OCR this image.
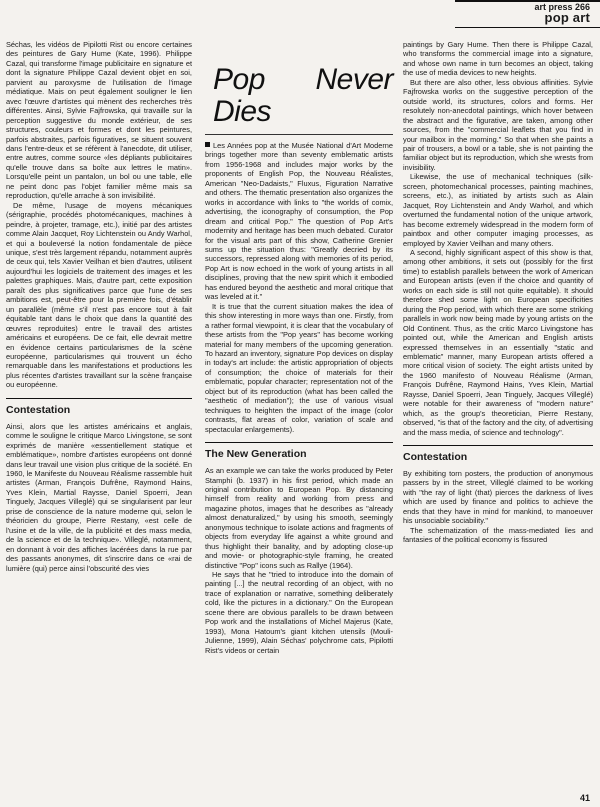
art press 266
pop art

Séchas, les vidéos de Pipilotti Rist ou encore certaines des peintures de Gary Hume (Kate, 1996). Philippe Cazal, qui transforme l'image publicitaire en signature et dont la signature Philippe Cazal devient objet en soi, parvient au paroxysme de l'utilisation de l'image médiatique. Mais on peut également souligner le lien avec l'œuvre d'artistes qui mènent des recherches très différentes. Ainsi, Sylvie Fajfrowska, qui travaille sur la perception suggestive du monde extérieur, de ses structures, couleurs et formes et dont les peintures, parfois abstraites, parfois figuratives, se situent souvent dans l'entre-deux et se réfèrent à l'anecdote, dit utiliser, entre autres, comme source «les dépliants publicitaires qu'elle trouve dans sa boîte aux lettres le matin». Lorsqu'elle peint un pantalon, un bol ou une table, elle ne peint donc pas l'objet familier même mais sa reproduction, qu'elle arrache à son invisibilité.

De même, l'usage de moyens mécaniques (sérigraphie, procédés photomécaniques, machines à peindre, à projeter, tramage, etc.), initié par des artistes comme Alain Jacquet, Roy Lichtenstein ou Andy Warhol, et qui a bouleversé la notion fondamentale de pièce unique, s'est très largement répandu, notamment auprès de ceux qui, tels Xavier Veilhan et bien d'autres, utilisent aujourd'hui les logiciels de traitement des images et les palettes graphiques. Mais, d'autre part, cette exposition paraît des plus significatives parce que l'une de ses ambitions est, peut-être pour la première fois, d'établir un parallèle (même s'il n'est pas encore tout à fait équitable tant dans le choix que dans la quantité des œuvres reproduites) entre le travail des artistes américains et européens. De ce fait, elle devrait mettre en évidence certains particularismes de la scène européenne, particularismes qui trouvent un écho remarquable dans les manifestations et productions les plus récentes d'artistes travaillant sur la scène française ou européenne.

Contestation

Ainsi, alors que les artistes américains et anglais, comme le souligne le critique Marco Livingstone, se sont exprimés de manière «essentiellement statique et emblématique», nombre d'artistes européens ont donné dans leur travail une vision plus critique de la société. En 1960, le Manifeste du Nouveau Réalisme rassemble huit artistes (Arman, François Dufrêne, Raymond Hains, Yves Klein, Martial Raysse, Daniel Spoerri, Jean Tinguely, Jacques Villeglé) qui se singularisent par leur prise de conscience de la nature moderne qui, selon le théoricien du groupe, Pierre Restany, «est celle de l'usine et de la ville, de la publicité et des mass media, de la science et de la technique». Villeglé, notamment, en donnant à voir des affiches lacérées dans la rue par des passants anonymes, dit s'inscrire dans ce «rai de lumière (qui) perce ainsi l'obscurité des vies

Pop Never Dies

Les Années pop at the Musée National d'Art Moderne brings together more than seventy emblematic artists from 1956-1968 and includes major works by the proponents of English Pop, the Nouveau Réalistes, American "Neo-Dadaists," Fluxus, Figuration Narrative and others. The thematic presentation also organizes the works in accordance with links to "the worlds of comix, advertising, the iconography of consumption, the Pop dream and critical Pop." The question of Pop Art's modernity and heritage has been much debated. Curator for the visual arts part of this show, Catherine Grenier sums up the situation thus: "Greatly decried by its successors, repressed along with memories of its period, Pop Art is now echoed in the work of young artists in all disciplines, proving that the new spirit which it embodied has endured beyond the aesthetic and moral critique that was leveled at it."

It is true that the current situation makes the idea of this show interesting in more ways than one. Firstly, from a rather formal viewpoint, it is clear that the vocabulary of these artists from the "Pop years" has become working material for many members of the upcoming generation. To hazard an inventory, signature Pop devices on display in today's art include: the artistic appropriation of objects of consumption; the choice of materials for their emblematic, popular character; representation not of the object but of its reproduction (what has been called the "aesthetic of mediation"); the use of various visual techniques to heighten the impact of the image (color contrasts, flat areas of color, variation of scale and spectacular enlargements).

The New Generation

As an example we can take the works produced by Peter Stamphi (b. 1937) in his first period, which made an original contribution to European Pop. By distancing himself from reality and working from press and magazine photos, images that he describes as "already almost denaturalized," by using his smooth, seemingly anonymous technique to isolate actions and fragments of objects from everyday life against a white ground and thus highlight their banality, and by adopting close-up and movie- or photographic-style framing, he created distinctive "Pop" icons such as Rallye (1964).

He says that he "tried to introduce into the domain of painting [...] the neutral recording of an object, with no trace of explanation or narrative, something deliberately cold, like the pictures in a dictionary." On the European scene there are obvious parallels to be drawn between Pop work and the installations of Michel Majerus (Kate, 1993), Mona Hatoum's giant kitchen utensils (Mouli-Julienne, 1999), Alain Séchas' polychrome cats, Pipilotti Rist's videos or certain

paintings by Gary Hume. Then there is Philippe Cazal, who transforms the commercial image into a signature, and whose own name in turn becomes an object, taking the use of media devices to new heights.

But there are also other, less obvious affinities. Sylvie Fajfrowska works on the suggestive perception of the outside world, its structures, colors and forms. Her resolutely non-anecdotal paintings, which hover between the abstract and the figurative, are taken, among other sources, from the "commercial leaflets that you find in your mailbox in the morning." So that when she paints a pair of trousers, a bowl or a table, she is not painting the familiar object but its reproduction, which she wrests from invisibility.

Likewise, the use of mechanical techniques (silk-screen, photomechanical processes, painting machines, screens, etc.), as initiated by artists such as Alain Jacquet, Roy Lichtenstein and Andy Warhol, and which overturned the fundamental notion of the unique artwork, has become extremely widespread in the modern form of paintbox and other computer imaging processes, as employed by Xavier Veilhan and many others.

A second, highly significant aspect of this show is that, among other ambitions, it sets out (possibly for the first time) to establish parallels between the work of American and European artists (even if the choice and quantity of works on each side is still not quite equitable). It should therefore shed some light on European specificities during the Pop period, with which there are some striking parallels in work now being made by young artists on the Old Continent. Thus, as the critic Marco Livingstone has pointed out, while the American and English artists expressed themselves in an essentially "static and emblematic" manner, many European artists offered a more critical vision of society. The eight artists united by the 1960 manifesto of Nouveau Réalisme (Arman, François Dufrêne, Raymond Hains, Yves Klein, Martial Raysse, Daniel Spoerri, Jean Tinguely, Jacques Villeglé) were notable for their awareness of "modern nature" which, as the group's theoretician, Pierre Restany, observed, "is that of the factory and the city, of advertising and the mass media, of science and technology".

Contestation

By exhibiting torn posters, the production of anonymous passers by in the street, Villeglé claimed to be working with "the ray of light (that) pierces the darkness of lives which are used by finance and politics to achieve the ends that they have in mind for mankind, to manoeuver his unsociable sociability."

The schematization of the mass-mediated lies and fantasies of the political economy is fissured

41
